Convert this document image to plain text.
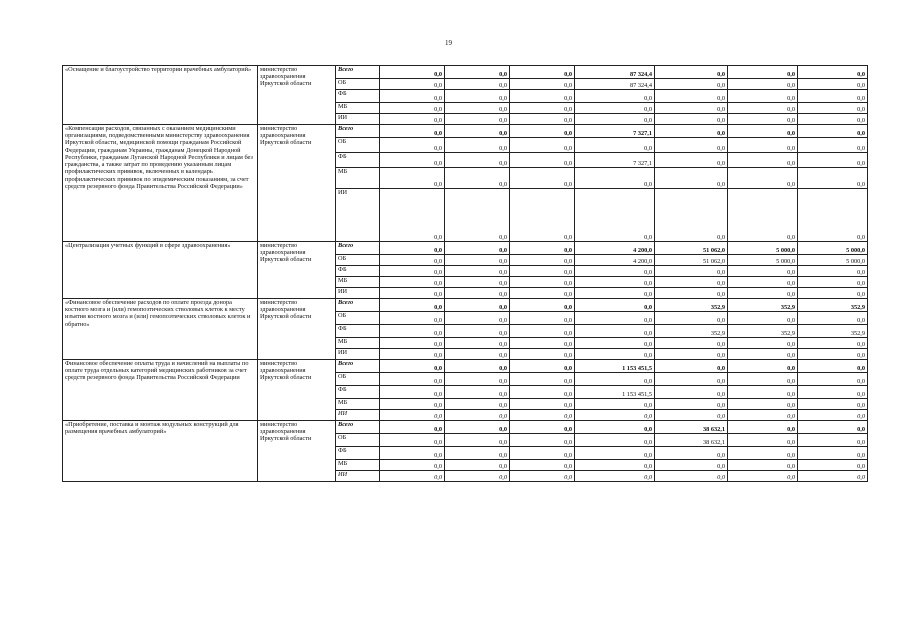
19
«Оснащение и благоустройство территории врачебных амбулаторий»	министерство здравоохранения Иркутской области	Всего	0,0	0,0	0,0	87 324,4	0,0	0,0	0,0
		ОБ	0,0	0,0	0,0	87 324,4	0,0	0,0	0,0
		ФБ	0,0	0,0	0,0	0,0	0,0	0,0	0,0
		МБ	0,0	0,0	0,0	0,0	0,0	0,0	0,0
		ИИ	0,0	0,0	0,0	0,0	0,0	0,0	0,0
«Компенсация расходов, связанных с оказанием медицинскими организациями, подведомственными министерству здравоохранения Иркутской области, медицинской помощи гражданам Российской Федерации, гражданам Украины, гражданам Донецкой Народной Республики, гражданам Луганской Народной Республики и лицам без гражданства, а также затрат по проведению указанным лицам профилактических прививок, включенных в календарь профилактических прививок по эпидемическим показаниям, за счет средств резервного фонда Правительства Российской Федерации»	министерство здравоохранения Иркутской области	Всего	0,0	0,0	0,0	7 327,1	0,0	0,0	0,0
		ОБ	0,0	0,0	0,0	0,0	0,0	0,0	0,0
		ФБ	0,0	0,0	0,0	7 327,1	0,0	0,0	0,0
		МБ	0,0	0,0	0,0	0,0	0,0	0,0	0,0
		ИИ	0,0	0,0	0,0	0,0	0,0	0,0	0,0
«Централизация учетных функций в сфере здравоохранения»	министерство здравоохранения Иркутской области	Всего	0,0	0,0	0,0	4 200,0	51 062,0	5 000,0	5 000,0
		ОБ	0,0	0,0	0,0	4 200,0	51 062,0	5 000,0	5 000,0
		ФБ	0,0	0,0	0,0	0,0	0,0	0,0	0,0
		МБ	0,0	0,0	0,0	0,0	0,0	0,0	0,0
		ИИ	0,0	0,0	0,0	0,0	0,0	0,0	0,0
«Финансовое обеспечение расходов по оплате проезда донора костного мозга и (или) гемопоэтических стволовых клеток к месту изъятия костного мозга и (или) гемопоэтических стволовых клеток и обратно»	министерство здравоохранения Иркутской области	Всего	0,0	0,0	0,0	0,0	352,9	352,9	352,9
		ОБ	0,0	0,0	0,0	0,0	0,0	0,0	0,0
		ФБ	0,0	0,0	0,0	0,0	352,9	352,9	352,9
		МБ	0,0	0,0	0,0	0,0	0,0	0,0	0,0
		ИИ	0,0	0,0	0,0	0,0	0,0	0,0	0,0
Финансовое обеспечение оплаты труда и начислений на выплаты по оплате труда отдельных категорий медицинских работников за счет средств резервного фонда Правительства Российской Федерации	министерство здравоохранения Иркутской области	Всего	0,0	0,0	0,0	1 153 451,5	0,0	0,0	0,0
		ОБ	0,0	0,0	0,0	0,0	0,0	0,0	0,0
		ФБ	0,0	0,0	0,0	1 153 451,5	0,0	0,0	0,0
		МБ	0,0	0,0	0,0	0,0	0,0	0,0	0,0
		ИИ	0,0	0,0	0,0	0,0	0,0	0,0	0,0
«Приобретение, поставка и монтаж модульных конструкций для размещения врачебных амбулаторий»	министерство здравоохранения Иркутской области	Всего	0,0	0,0	0,0	0,0	38 632,1	0,0	0,0
		ОБ	0,0	0,0	0,0	0,0	38 632,1	0,0	0,0
		ФБ	0,0	0,0	0,0	0,0	0,0	0,0	0,0
		МБ	0,0	0,0	0,0	0,0	0,0	0,0	0,0
		ИИ	0,0	0,0	0,0	0,0	0,0	0,0	0,0
